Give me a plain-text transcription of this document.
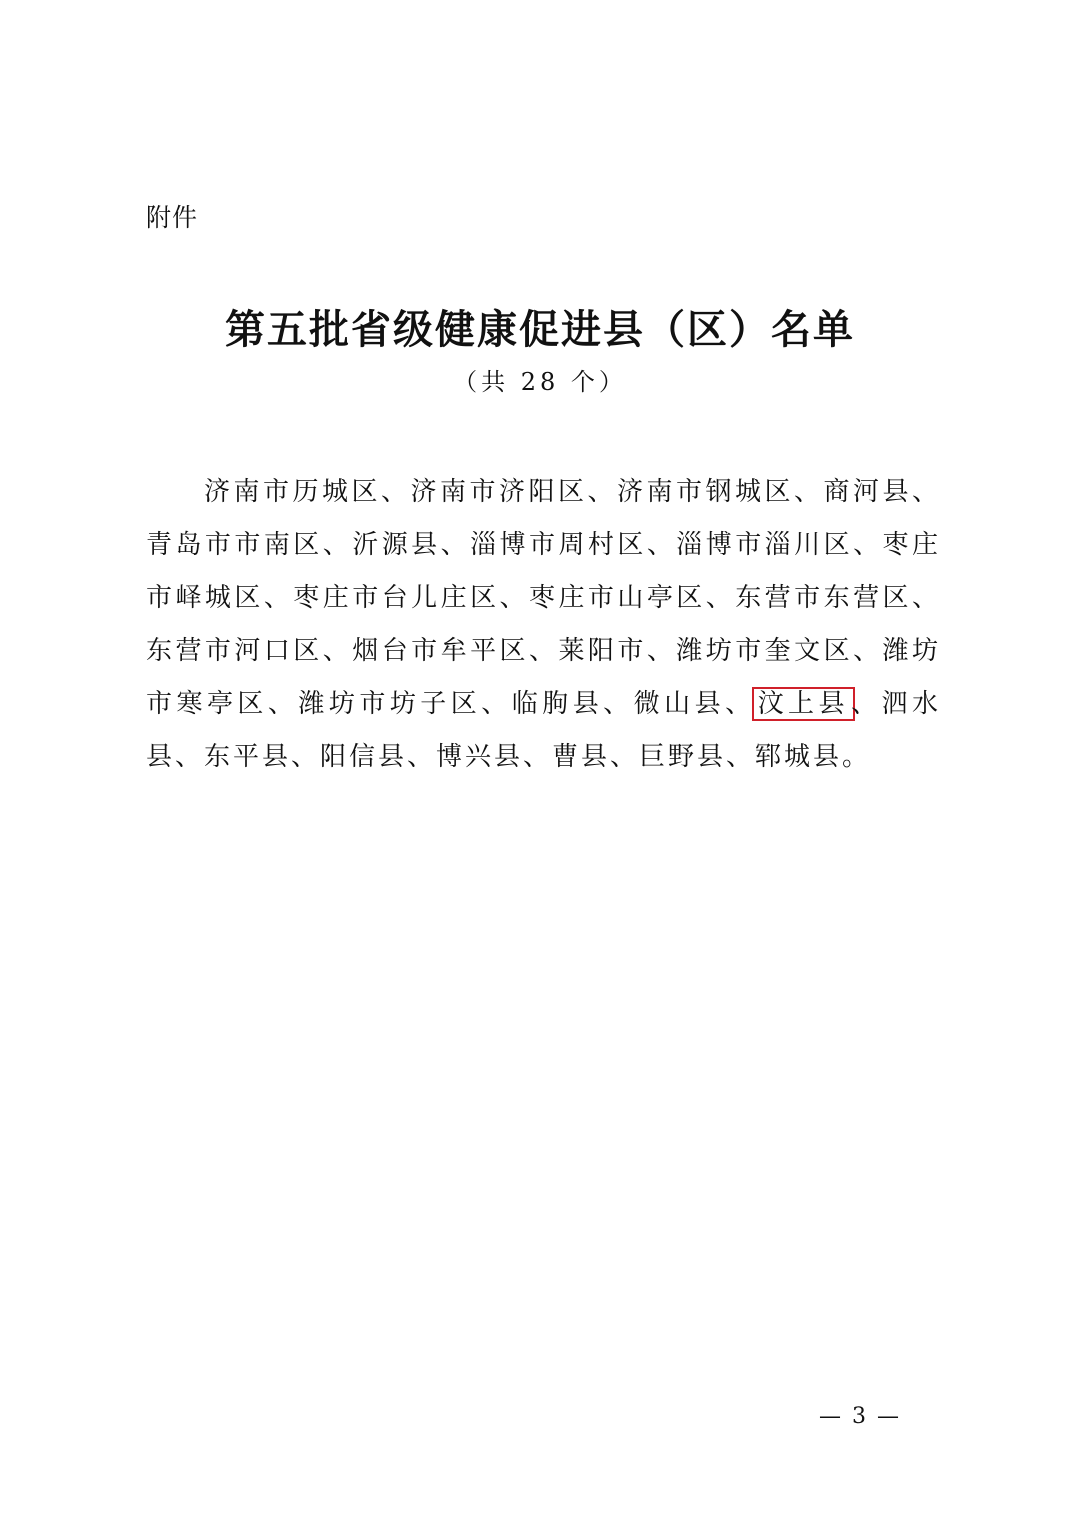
附件
第五批省级健康促进县（区）名单
（共 28 个）

济南市历城区、济南市济阳区、济南市钢城区、商河县、青岛市市南区、沂源县、淄博市周村区、淄博市淄川区、枣庄市峄城区、枣庄市台儿庄区、枣庄市山亭区、东营市东营区、东营市河口区、烟台市牟平区、莱阳市、潍坊市奎文区、潍坊市寒亭区、潍坊市坊子区、临朐县、微山县、汶上县、泗水县、东平县、阳信县、博兴县、曹县、巨野县、郓城县。

— 3 —
